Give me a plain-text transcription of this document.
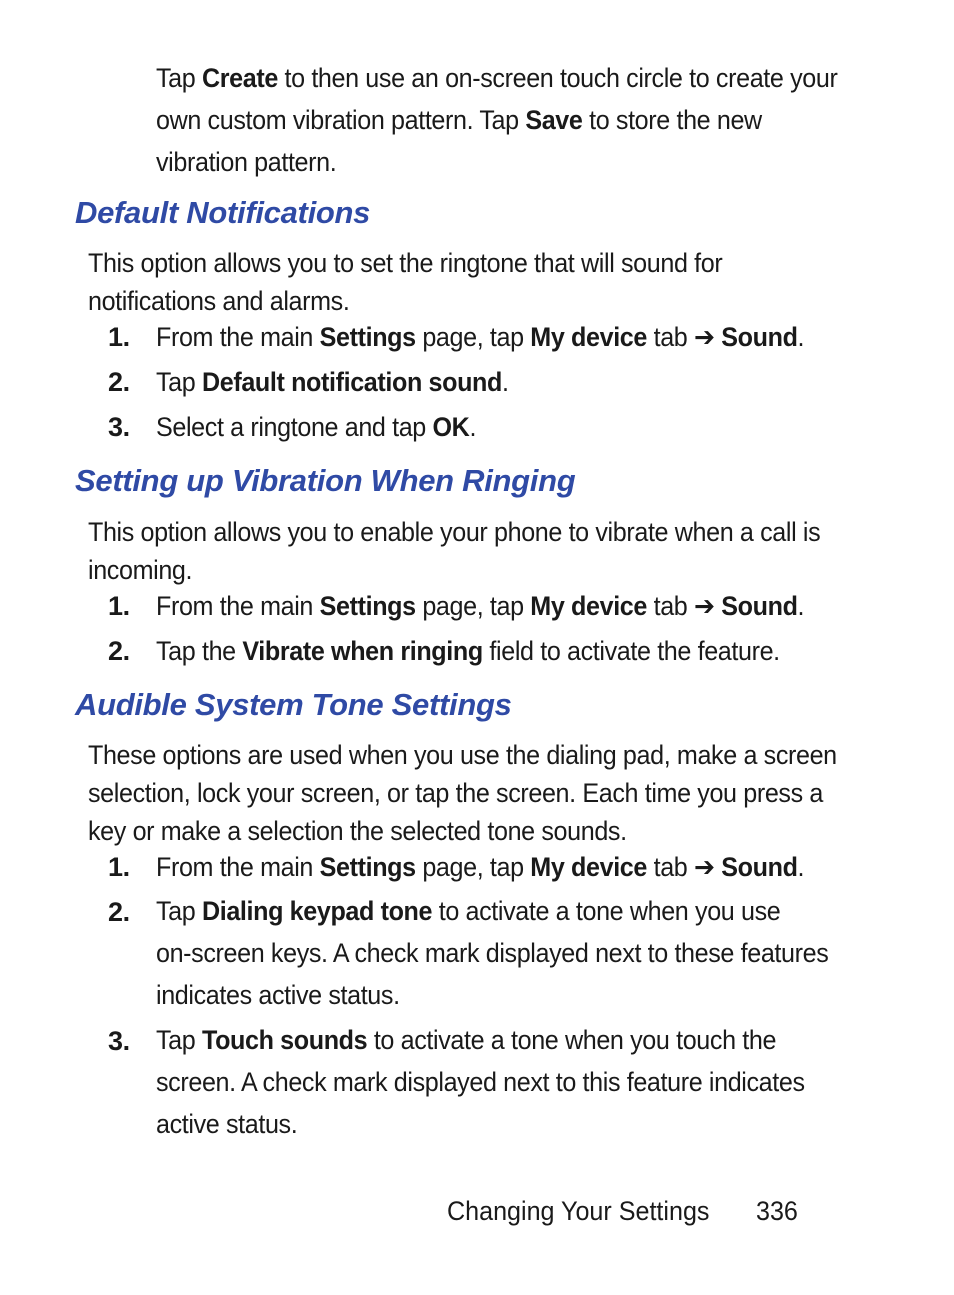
Tap Create to then use an on-screen touch circle to create your
own custom vibration pattern. Tap Save to store the new
vibration pattern.
Default Notifications
This option allows you to set the ringtone that will sound for
notifications and alarms.
1. From the main Settings page, tap My device tab ➔ Sound.
2. Tap Default notification sound.
3. Select a ringtone and tap OK.
Setting up Vibration When Ringing
This option allows you to enable your phone to vibrate when a call is
incoming.
1. From the main Settings page, tap My device tab ➔ Sound.
2. Tap the Vibrate when ringing field to activate the feature.
Audible System Tone Settings
These options are used when you use the dialing pad, make a screen
selection, lock your screen, or tap the screen. Each time you press a
key or make a selection the selected tone sounds.
1. From the main Settings page, tap My device tab ➔ Sound.
2. Tap Dialing keypad tone to activate a tone when you use
on-screen keys. A check mark displayed next to these features
indicates active status.
3. Tap Touch sounds to activate a tone when you touch the
screen. A check mark displayed next to this feature indicates
active status.
Changing Your Settings 336
